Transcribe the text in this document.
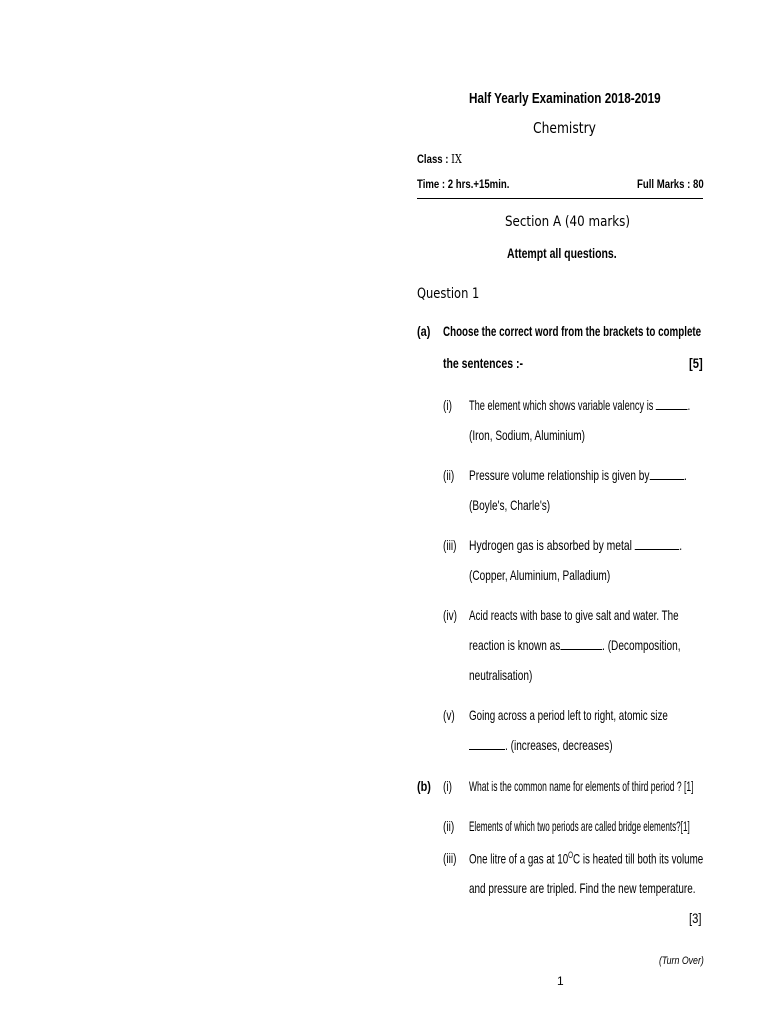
Half Yearly Examination 2018-2019
Chemistry
Class : IX
Time : 2 hrs.+15min.	Full Marks : 80
Section A (40 marks)
Attempt all questions.
Question 1
(a) Choose the correct word from the brackets to complete
the sentences :-	[5]
(i) The element which shows variable valency is .
(Iron, Sodium, Aluminium)
(ii)	Pressure volume relationship is given by .
(Boyle's, Charle's)
(iii) Hydrogen gas is absorbed by metal	.
(Copper, Aluminium, Palladium)
(iv) Acid reacts with base to give salt and water. The
reaction is known as	. (Decomposition,
neutralisation)
(v)	Going across a period left to right, atomic size
. (increases, decreases)
(b) (i) What is the common name for elements of third period ? [1]
(ii)	Elements of which two periods are called bridge elements?[1]
(iii) One litre of a gas at $10^OC$ is heated till both its volume
and pressure are tripled. Find the new temperature.
[3]
(Turn Over)
1
